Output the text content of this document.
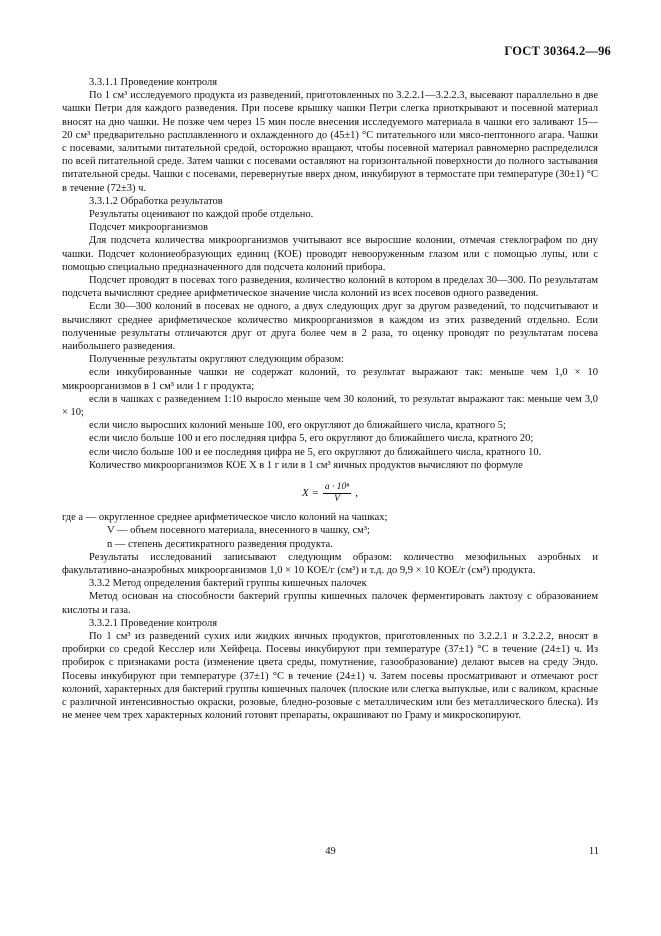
ГОСТ 30364.2—96

3.3.1.1 Проведение контроля

По 1 см³ исследуемого продукта из разведений, приготовленных по 3.2.2.1—3.2.2.3, высевают параллельно в две чашки Петри для каждого разведения. При посеве крышку чашки Петри слегка приоткрывают и посевной материал вносят на дно чашки. Не позже чем через 15 мин после внесения исследуемого материала в чашки его заливают 15—20 см³ предварительно расплавленного и охлажденного до (45±1) °С питательного или мясо-пептонного агара. Чашки с посевами, залитыми питательной средой, осторожно вращают, чтобы посевной материал равномерно распределился по всей питательной среде. Затем чашки с посевами оставляют на горизонтальной поверхности до полного застывания питательной среды. Чашки с посевами, перевернутые вверх дном, инкубируют в термостате при температуре (30±1) °С в течение (72±3) ч.

3.3.1.2 Обработка результатов

Результаты оценивают по каждой пробе отдельно.

Подсчет микроорганизмов

Для подсчета количества микроорганизмов учитывают все выросшие колонии, отмечая стеклографом по дну чашки. Подсчет колониеобразующих единиц (КОЕ) проводят невооруженным глазом или с помощью лупы, или с помощью специально предназначенного для подсчета колоний прибора.

Подсчет проводят в посевах того разведения, количество колоний в котором в пределах 30—300. По результатам подсчета вычисляют среднее арифметическое значение числа колоний из всех посевов одного разведения.

Если 30—300 колоний в посевах не одного, а двух следующих друг за другом разведений, то подсчитывают и вычисляют среднее арифметическое количество микроорганизмов в каждом из этих разведений отдельно. Если полученные результаты отличаются друг от друга более чем в 2 раза, то оценку проводят по результатам посева наибольшего разведения.

Полученные результаты округляют следующим образом:

если инкубированные чашки не содержат колоний, то результат выражают так: меньше чем 1,0 × 10 микроорганизмов в 1 см³ или 1 г продукта;

если в чашках с разведением 1:10 выросло меньше чем 30 колоний, то результат выражают так: меньше чем 3,0 × 10;

если число выросших колоний меньше 100, его округляют до ближайшего числа, кратного 5;

если число больше 100 и его последняя цифра 5, его округляют до ближайшего числа, кратного 20;

если число больше 100 и ее последняя цифра не 5, его округляют до ближайшего числа, кратного 10.

Количество микроорганизмов КОЕ X в 1 г или в 1 см³ яичных продуктов вычисляют по формуле

$X = \frac{\text{a · 10ⁿ}}{V}$ ,

где a — округленное среднее арифметическое число колоний на чашках;

V — объем посевного материала, внесенного в чашку, см³;

n — степень десятикратного разведения продукта.

Результаты исследований записывают следующим образом: количество мезофильных аэробных и факультативно-анаэробных микроорганизмов 1,0 × 10 КОЕ/г (см³) и т.д. до 9,9 × 10 КОЕ/г (см³) продукта.

3.3.2 Метод определения бактерий группы кишечных палочек

Метод основан на способности бактерий группы кишечных палочек ферментировать лактозу с образованием кислоты и газа.

3.3.2.1 Проведение контроля

По 1 см³ из разведений сухих или жидких яичных продуктов, приготовленных по 3.2.2.1 и 3.2.2.2, вносят в пробирки со средой Кесслер или Хейфеца. Посевы инкубируют при температуре (37±1) °С в течение (24±1) ч. Из пробирок с признаками роста (изменение цвета среды, помутнение, газообразование) делают высев на среду Эндо. Посевы инкубируют при температуре (37±1) °С в течение (24±1) ч. Затем посевы просматривают и отмечают рост колоний, характерных для бактерий группы кишечных палочек (плоские или слегка выпуклые, или с валиком, красные с различной интенсивностью окраски, розовые, бледно-розовые с металлическим или без металлического блеска). Из не менее чем трех характерных колоний готовят препараты, окрашивают по Граму и микроскопируют.

49	11
